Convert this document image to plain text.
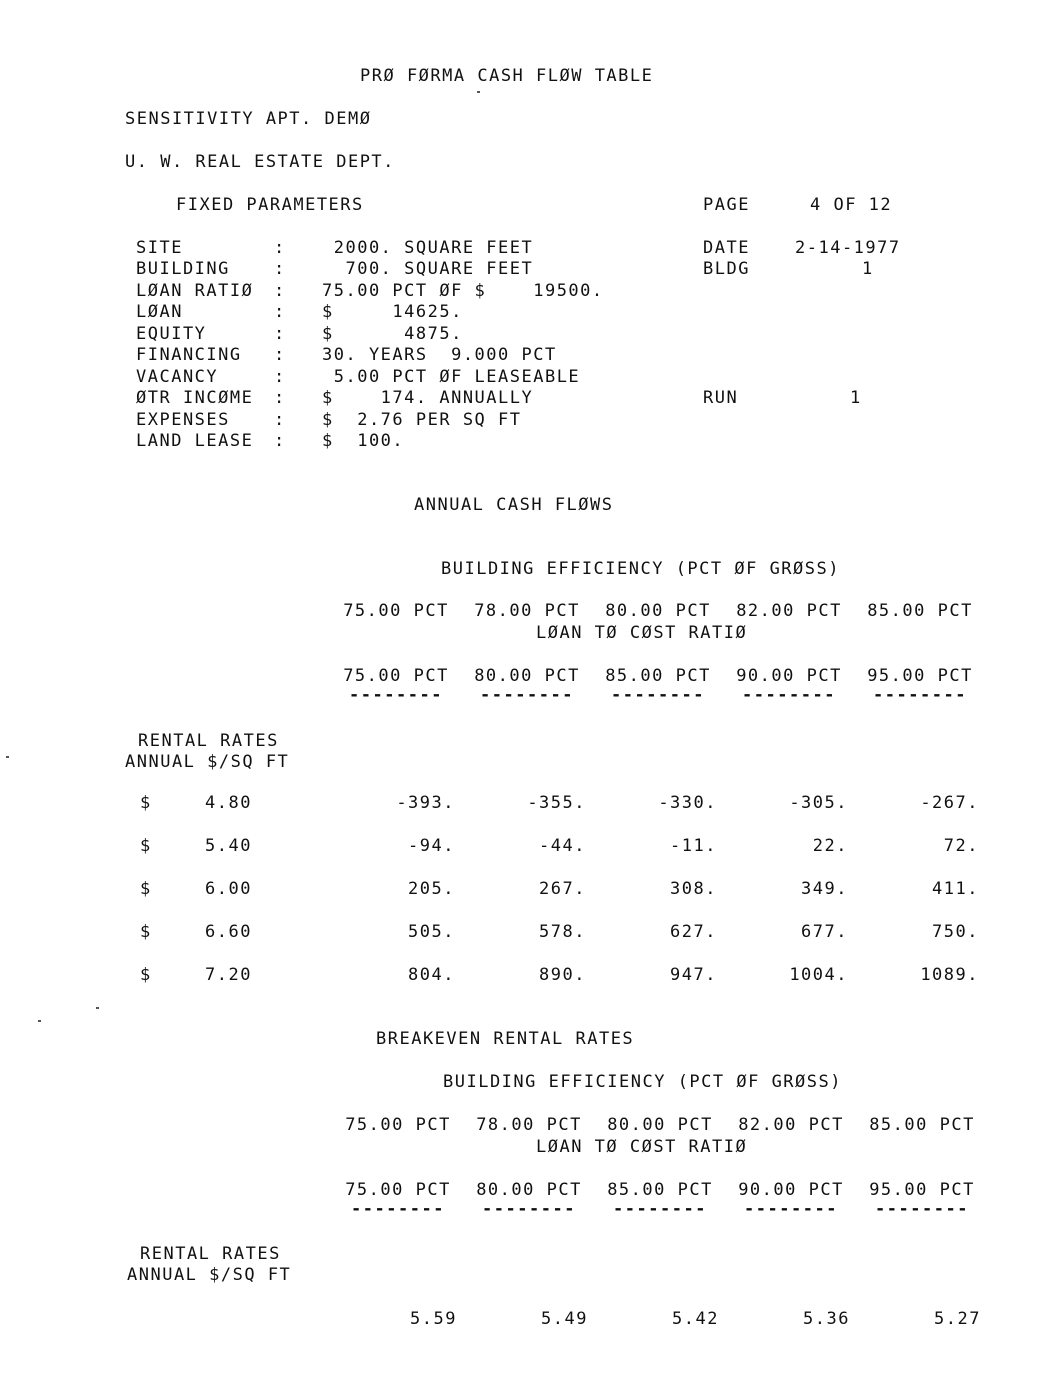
PRØ FØRMA CASH FLØW TABLE
SENSITIVITY APT. DEMØ
U. W. REAL ESTATE DEPT.
FIXED PARAMETERS	PAGE	4 OF 12
DATE	2-14-1977
BLDG	1
RUN	1
SITE	: 2000. SQUARE FEET
BUILDING	: 700. SQUARE FEET
LØAN RATIØ : 75.00 PCT ØF $    19500.
LØAN	: $     14625.
EQUITY	: $      4875.
FINANCING : 30. YEARS  9.000 PCT
VACANCY	: 5.00 PCT ØF LEASEABLE
ØTR INCØME : $    174. ANNUALLY
EXPENSES	: $  2.76 PER SQ FT
LAND LEASE : $  100.
ANNUAL CASH FLØWS
BUILDING EFFICIENCY (PCT ØF GRØSS)
75.00 PCT	78.00 PCT	80.00 PCT	82.00 PCT	85.00 PCT
LØAN TØ CØST RATIØ
75.00 PCT	80.00 PCT	85.00 PCT	90.00 PCT	95.00 PCT
--------	--------	--------	--------	--------
RENTAL RATES
ANNUAL $/SQ FT
$	4.80	-393.	-355.	-330.	-305.	-267.
$	5.40	-94.	-44.	-11.	22.	72.
$	6.00	205.	267.	308.	349.	411.
$	6.60	505.	578.	627.	677.	750.
$	7.20	804.	890.	947.	1004.	1089.
BREAKEVEN RENTAL RATES
BUILDING EFFICIENCY (PCT ØF GRØSS)
75.00 PCT	78.00 PCT	80.00 PCT	82.00 PCT	85.00 PCT
LØAN TØ CØST RATIØ
75.00 PCT	80.00 PCT	85.00 PCT	90.00 PCT	95.00 PCT
--------	--------	--------	--------	--------
RENTAL RATES
ANNUAL $/SQ FT
5.59	5.49	5.42	5.36	5.27
